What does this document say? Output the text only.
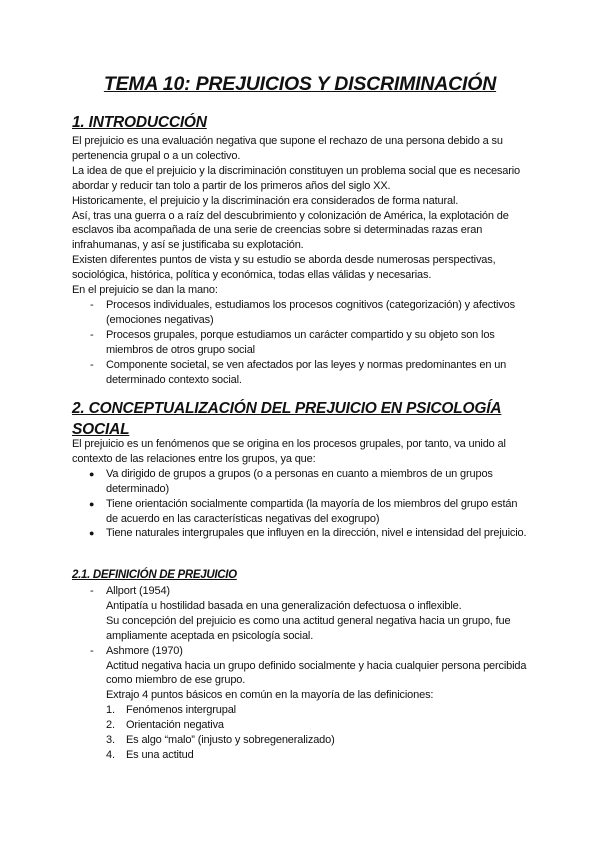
TEMA 10: PREJUICIOS Y DISCRIMINACIÓN
1. INTRODUCCIÓN

El prejuicio es una evaluación negativa que supone el rechazo de una persona debido a su pertenencia grupal o a un colectivo.

La idea de que el prejuicio y la discriminación constituyen un problema social que es necesario abordar y reducir tan tolo a partir de los primeros años del siglo XX.

Historicamente, el prejuicio y la discriminación era considerados de forma natural.

Así, tras una guerra o a raíz del descubrimiento y colonización de América, la explotación de esclavos iba acompañada de una serie de creencias sobre si determinadas razas eran infrahumanas, y así se justificaba su explotación.

Existen diferentes puntos de vista y su estudio se aborda desde numerosas perspectivas, sociológica, histórica, política y económica, todas ellas válidas y necesarias.

En el prejuicio se dan la mano:

- Procesos individuales, estudiamos los procesos cognitivos (categorización) y afectivos (emociones negativas)
- Procesos grupales, porque estudiamos un carácter compartido y su objeto son los miembros de otros grupo social
- Componente societal, se ven afectados por las leyes y normas predominantes en un determinado contexto social.
2. CONCEPTUALIZACIÓN DEL PREJUICIO EN PSICOLOGÍA
SOCIAL

El prejuicio es un fenómenos que se origina en los procesos grupales, por tanto, va unido al contexto de las relaciones entre los grupos, ya que:

● Va dirigido de grupos a grupos (o a personas en cuanto a miembros de un grupos determinado)
● Tiene orientación socialmente compartida (la mayoría de los miembros del grupo están de acuerdo en las características negativas del exogrupo)
● Tiene naturales intergrupales que influyen en la dirección, nivel e intensidad del prejuicio.
2.1. DEFINICIÓN DE PREJUICIO
- Allport (1954)
Antipatía u hostilidad basada en una generalización defectuosa o inflexible.
Su concepción del prejuicio es como una actitud general negativa hacia un grupo, fue ampliamente aceptada en psicología social.
- Ashmore (1970)
Actitud negativa hacia un grupo definido socialmente y hacia cualquier persona percibida como miembro de ese grupo.
Extrajo 4 puntos básicos en común en la mayoría de las definiciones:
1. Fenómenos intergrupal
2. Orientación negativa
3. Es algo “malo” (injusto y sobregeneralizado)
4. Es una actitud
